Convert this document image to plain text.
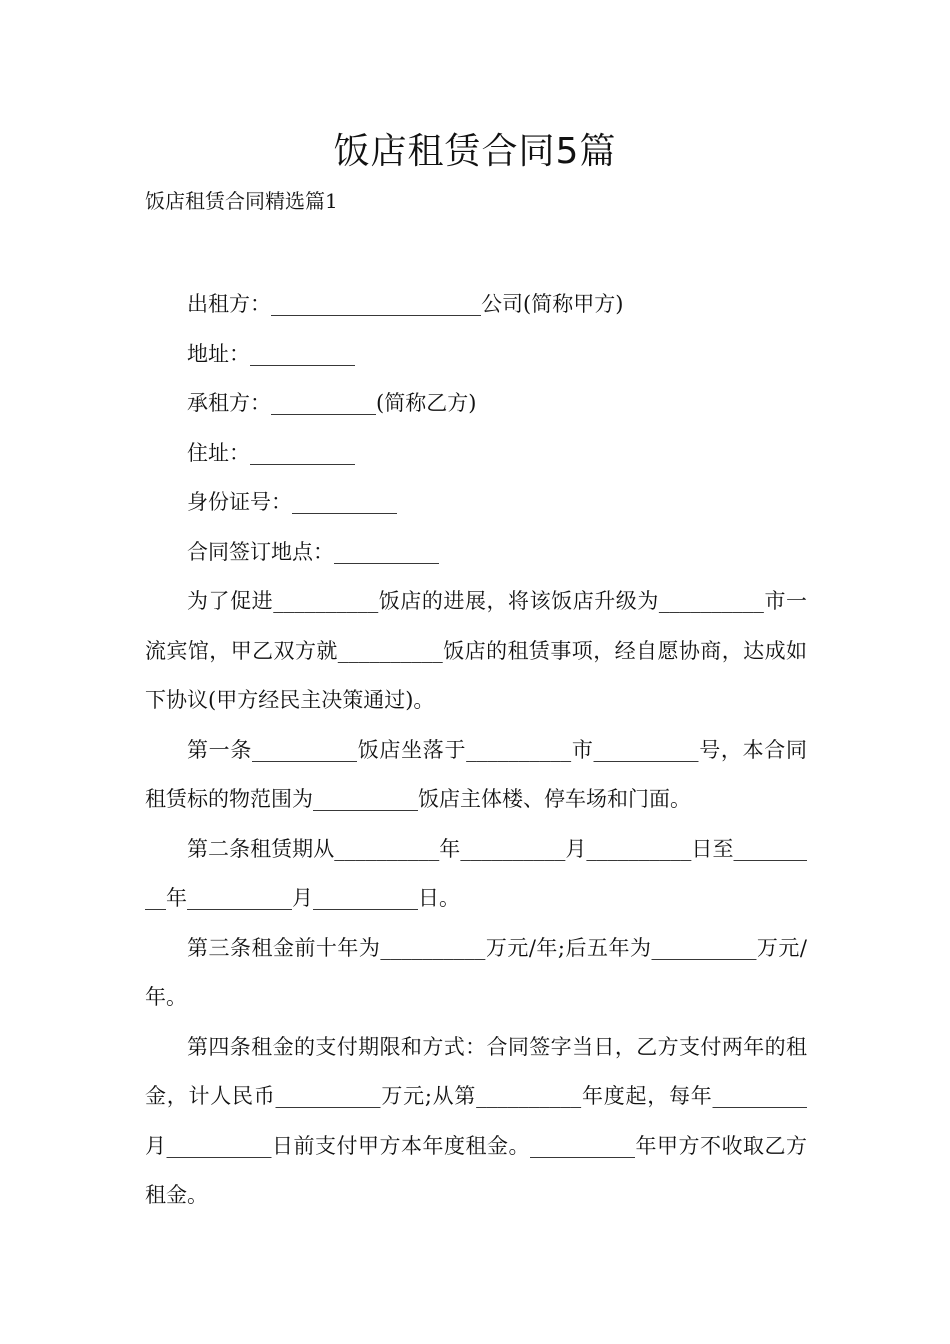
饭店租赁合同5篇
饭店租赁合同精选篇1

出租方：____________________公司(简称甲方)

地址：__________

承租方：__________(简称乙方)

住址：__________

身份证号：__________

合同签订地点：__________

为了促进__________饭店的进展，将该饭店升级为__________市一流宾馆，甲乙双方就__________饭店的租赁事项，经自愿协商，达成如下协议(甲方经民主决策通过)。

第一条__________饭店坐落于__________市__________号，本合同租赁标的物范围为__________饭店主体楼、停车场和门面。

第二条租赁期从__________年__________月__________日至_________年__________月__________日。

第三条租金前十年为__________万元/年;后五年为__________万元/年。

第四条租金的支付期限和方式：合同签字当日，乙方支付两年的租金，计人民币__________万元;从第__________年度起，每年_________月__________日前支付甲方本年度租金。__________年甲方不收取乙方租金。
